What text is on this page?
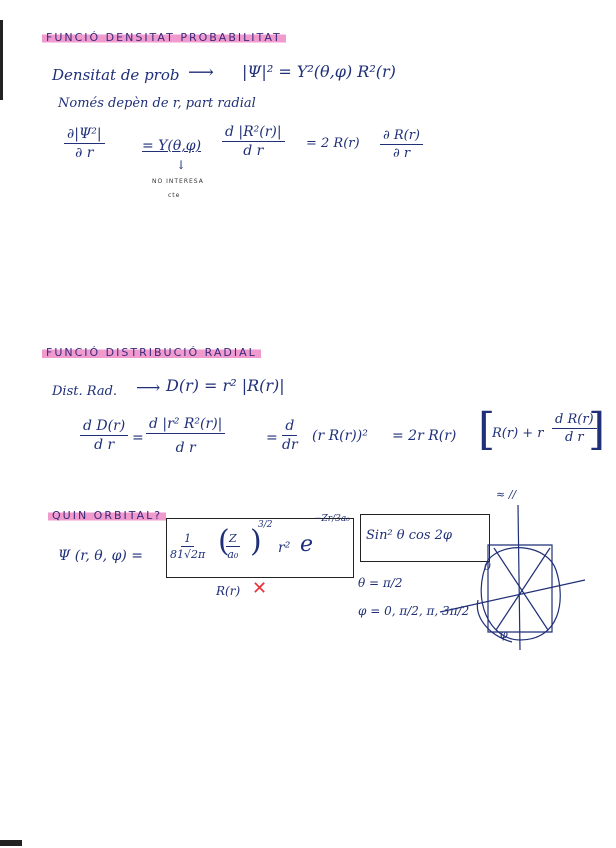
FUNCIÓ DENSITAT PROBABILITAT
Densitat de prob ⟶ |Ψ|² = Y²(θ,φ) R²(r)
Només depèn de r, part radial
$\frac{\text{∂|Ψ²|}}{\partial r}$	= $Y(\theta,\varphi) \frac{\text{d |R²(r)|}}{\text{d r}} = 2$ $R(r) \frac{\partial R(r)}{\partial r}$
↓
NO INTERESA
cte
FUNCIÓ DISTRIBUCIÓ RADIAL
Dist. Rad. ⟶ D(r) = r² |R(r)|
$\frac{\text{d D(r)}}{\text{d r}} = \frac{\text{d |r² R²(r)|}}{\text{d r}}$	= $\frac{d}{dr} (r$ R(r))² = 2r R(r) [
R(r) + r $\frac{\text{d R(r)}}{\text{d r}}$
]
QUIN ORBITAL?
Ψ (r, θ, $\varphi) = \frac{1}{81√2\pi}$ (
$\frac{Z}{\text{a₀}}$ )
3/2
r² e
−Zr/3a₀
R(r) ✕
Sin² θ cos 2φ
θ = π/2
φ = 0, π/2, π, 3π/2
≈ ∕∕
0
φ
